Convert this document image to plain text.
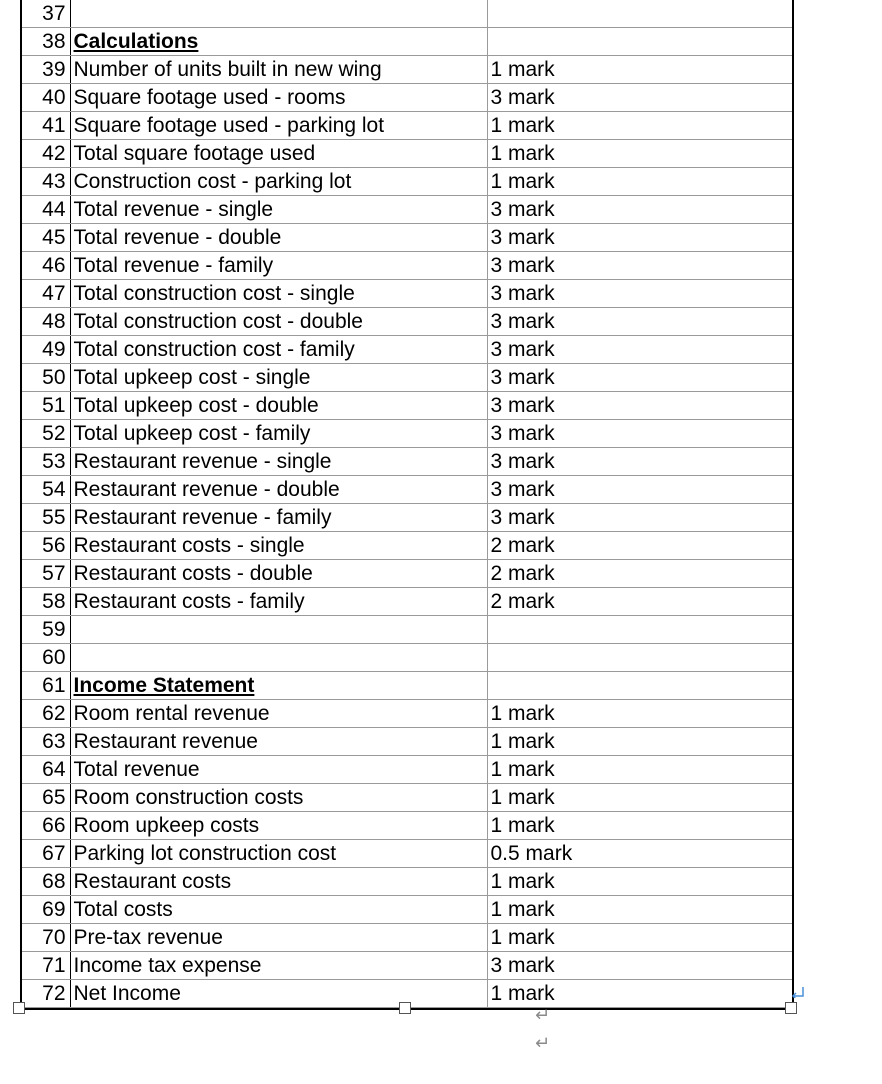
37		
38	Calculations	
39	Number of units built in new wing	1 mark
40	Square footage used - rooms	3 mark
41	Square footage used - parking lot	1 mark
42	Total square footage used	1 mark
43	Construction cost - parking lot	1 mark
44	Total revenue - single	3 mark
45	Total revenue - double	3 mark
46	Total revenue - family	3 mark
47	Total construction cost - single	3 mark
48	Total construction cost - double	3 mark
49	Total construction cost - family	3 mark
50	Total upkeep cost - single	3 mark
51	Total upkeep cost - double	3 mark
52	Total upkeep cost - family	3 mark
53	Restaurant revenue - single	3 mark
54	Restaurant revenue - double	3 mark
55	Restaurant revenue - family	3 mark
56	Restaurant costs - single	2 mark
57	Restaurant costs - double	2 mark
58	Restaurant costs - family	2 mark
59		
60		
61	Income Statement	
62	Room rental revenue	1 mark
63	Restaurant revenue	1 mark
64	Total revenue	1 mark
65	Room construction costs	1 mark
66	Room upkeep costs	1 mark
67	Parking lot construction cost	0.5 mark
68	Restaurant costs	1 mark
69	Total costs	1 mark
70	Pre-tax revenue	1 mark
71	Income tax expense	3 mark
72	Net Income	1 mark
↵
↵
